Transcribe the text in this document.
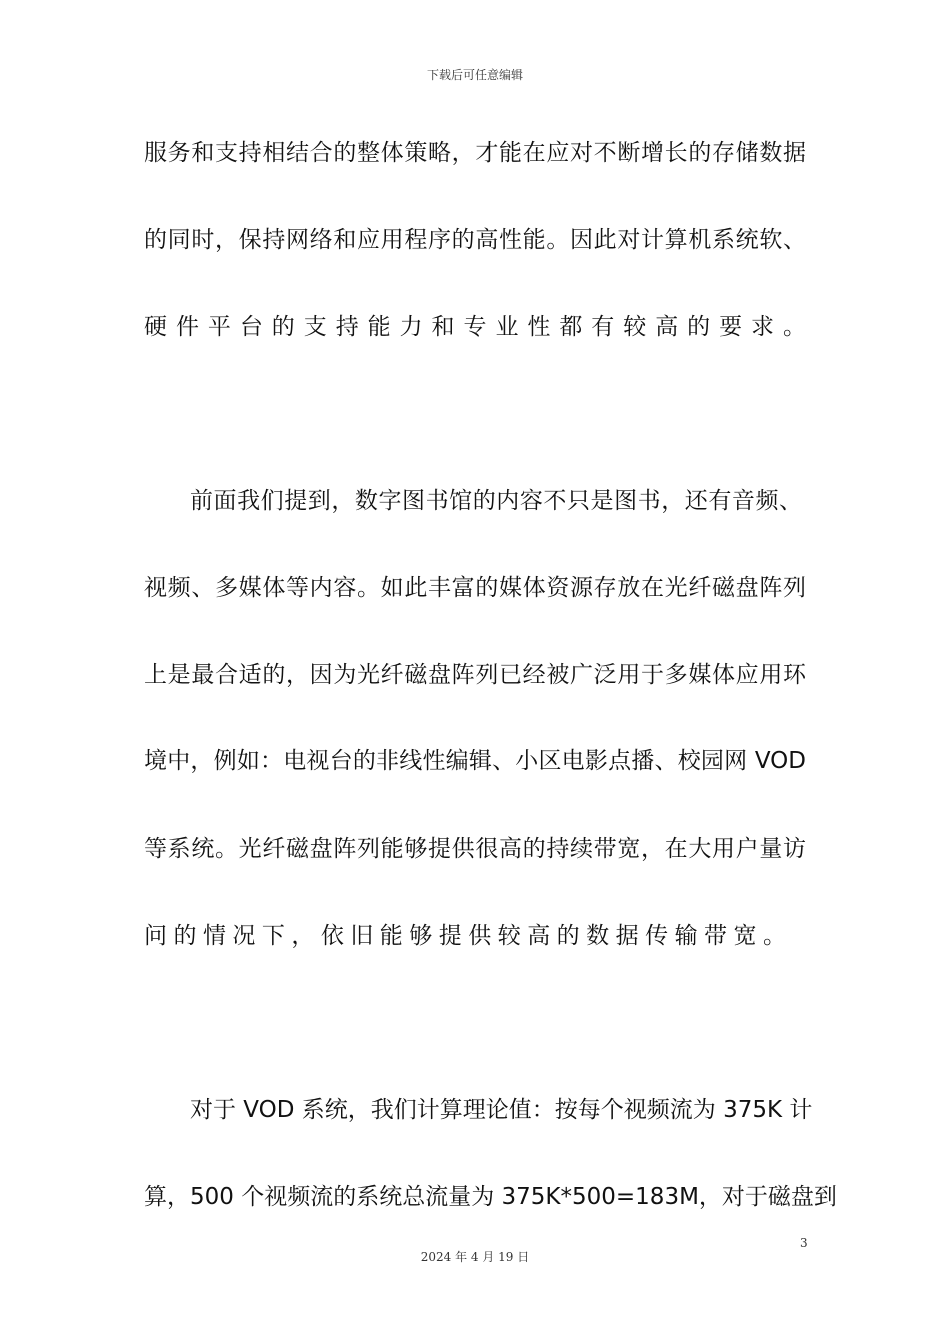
下载后可任意编辑
服务和支持相结合的整体策略，才能在应对不断增长的存储数据
的同时，保持网络和应用程序的高性能。因此对计算机系统软、
硬件平台的支持能力和专业性都有较高的要求。
前面我们提到，数字图书馆的内容不只是图书，还有音频、
视频、多媒体等内容。如此丰富的媒体资源存放在光纤磁盘阵列
上是最合适的，因为光纤磁盘阵列已经被广泛用于多媒体应用环
境中，例如：电视台的非线性编辑、小区电影点播、校园网 VOD
等系统。光纤磁盘阵列能够提供很高的持续带宽，在大用户量访
问的情况下，依旧能够提供较高的数据传输带宽。
对于 VOD 系统，我们计算理论值：按每个视频流为 375K 计
算，500 个视频流的系统总流量为 375K*500=183M，对于磁盘到
3
2024 年 4 月 19 日
